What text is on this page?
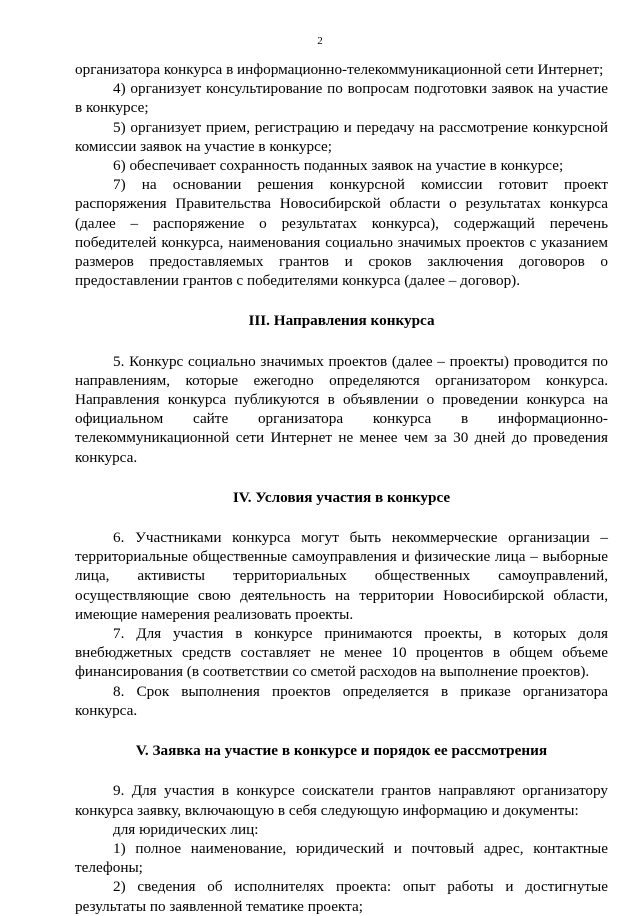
2

организатора конкурса в информационно-телекоммуникационной сети Интернет;

4) организует консультирование по вопросам подготовки заявок на участие в конкурсе;

5) организует прием, регистрацию и передачу на рассмотрение конкурсной комиссии заявок на участие в конкурсе;

6) обеспечивает сохранность поданных заявок на участие в конкурсе;

7) на основании решения конкурсной комиссии готовит проект распоряжения Правительства Новосибирской области о результатах конкурса (далее – распоряжение о результатах конкурса), содержащий перечень победителей конкурса, наименования социально значимых проектов с указанием размеров предоставляемых грантов и сроков заключения договоров о предоставлении грантов с победителями конкурса (далее – договор).

III. Направления конкурса

5. Конкурс социально значимых проектов (далее – проекты) проводится по направлениям, которые ежегодно определяются организатором конкурса. Направления конкурса публикуются в объявлении о проведении конкурса на официальном сайте организатора конкурса в информационно-телекоммуникационной сети Интернет не менее чем за 30 дней до проведения конкурса.

IV. Условия участия в конкурсе

6. Участниками конкурса могут быть некоммерческие организации – территориальные общественные самоуправления и физические лица – выборные лица, активисты территориальных общественных самоуправлений, осуществляющие свою деятельность на территории Новосибирской области, имеющие намерения реализовать проекты.

7. Для участия в конкурсе принимаются проекты, в которых доля внебюджетных средств составляет не менее 10 процентов в общем объеме финансирования (в соответствии со сметой расходов на выполнение проектов).

8. Срок выполнения проектов определяется в приказе организатора конкурса.

V. Заявка на участие в конкурсе и порядок ее рассмотрения

9. Для участия в конкурсе соискатели грантов направляют организатору конкурса заявку, включающую в себя следующую информацию и документы:

для юридических лиц:

1) полное наименование, юридический и почтовый адрес, контактные телефоны;

2) сведения об исполнителях проекта: опыт работы и достигнутые результаты по заявленной тематике проекта;
